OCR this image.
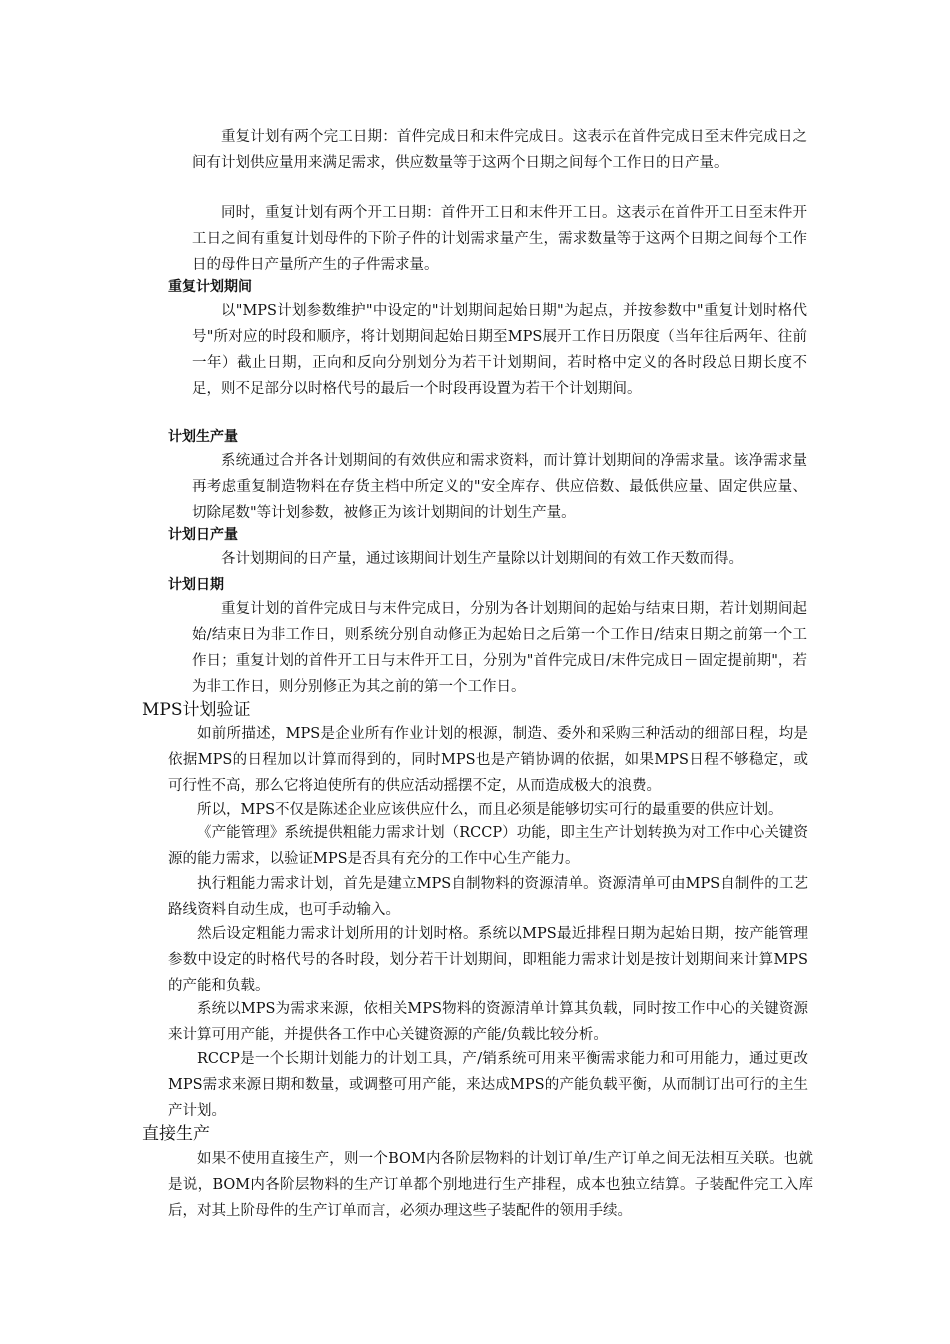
重复计划有两个完工日期：首件完成日和末件完成日。这表示在首件完成日至末件完成日之间有计划供应量用来满足需求，供应数量等于这两个日期之间每个工作日的日产量。

同时，重复计划有两个开工日期：首件开工日和末件开工日。这表示在首件开工日至末件开工日之间有重复计划母件的下阶子件的计划需求量产生，需求数量等于这两个日期之间每个工作日的母件日产量所产生的子件需求量。

重复计划期间

以"MPS计划参数维护"中设定的"计划期间起始日期"为起点，并按参数中"重复计划时格代号"所对应的时段和顺序，将计划期间起始日期至MPS展开工作日历限度（当年往后两年、往前一年）截止日期，正向和反向分别划分为若干计划期间，若时格中定义的各时段总日期长度不足，则不足部分以时格代号的最后一个时段再设置为若干个计划期间。

计划生产量

系统通过合并各计划期间的有效供应和需求资料，而计算计划期间的净需求量。该净需求量再考虑重复制造物料在存货主档中所定义的"安全库存、供应倍数、最低供应量、固定供应量、切除尾数"等计划参数，被修正为该计划期间的计划生产量。

计划日产量

各计划期间的日产量，通过该期间计划生产量除以计划期间的有效工作天数而得。

计划日期

重复计划的首件完成日与末件完成日，分别为各计划期间的起始与结束日期，若计划期间起始/结束日为非工作日，则系统分别自动修正为起始日之后第一个工作日/结束日期之前第一个工作日；重复计划的首件开工日与末件开工日，分别为"首件完成日/末件完成日－固定提前期"，若为非工作日，则分别修正为其之前的第一个工作日。

MPS计划验证

如前所描述，MPS是企业所有作业计划的根源，制造、委外和采购三种活动的细部日程，均是依据MPS的日程加以计算而得到的，同时MPS也是产销协调的依据，如果MPS日程不够稳定，或可行性不高，那么它将迫使所有的供应活动摇摆不定，从而造成极大的浪费。

所以，MPS不仅是陈述企业应该供应什么，而且必须是能够切实可行的最重要的供应计划。

《产能管理》系统提供粗能力需求计划（RCCP）功能，即主生产计划转换为对工作中心关键资源的能力需求，以验证MPS是否具有充分的工作中心生产能力。

执行粗能力需求计划，首先是建立MPS自制物料的资源清单。资源清单可由MPS自制件的工艺路线资料自动生成，也可手动输入。

然后设定粗能力需求计划所用的计划时格。系统以MPS最近排程日期为起始日期，按产能管理参数中设定的时格代号的各时段，划分若干计划期间，即粗能力需求计划是按计划期间来计算MPS的产能和负载。

系统以MPS为需求来源，依相关MPS物料的资源清单计算其负载，同时按工作中心的关键资源来计算可用产能，并提供各工作中心关键资源的产能/负载比较分析。

RCCP是一个长期计划能力的计划工具，产/销系统可用来平衡需求能力和可用能力，通过更改MPS需求来源日期和数量，或调整可用产能，来达成MPS的产能负载平衡，从而制订出可行的主生产计划。

直接生产

如果不使用直接生产，则一个BOM内各阶层物料的计划订单/生产订单之间无法相互关联。也就是说，BOM内各阶层物料的生产订单都个别地进行生产排程，成本也独立结算。子装配件完工入库后，对其上阶母件的生产订单而言，必须办理这些子装配件的领用手续。
